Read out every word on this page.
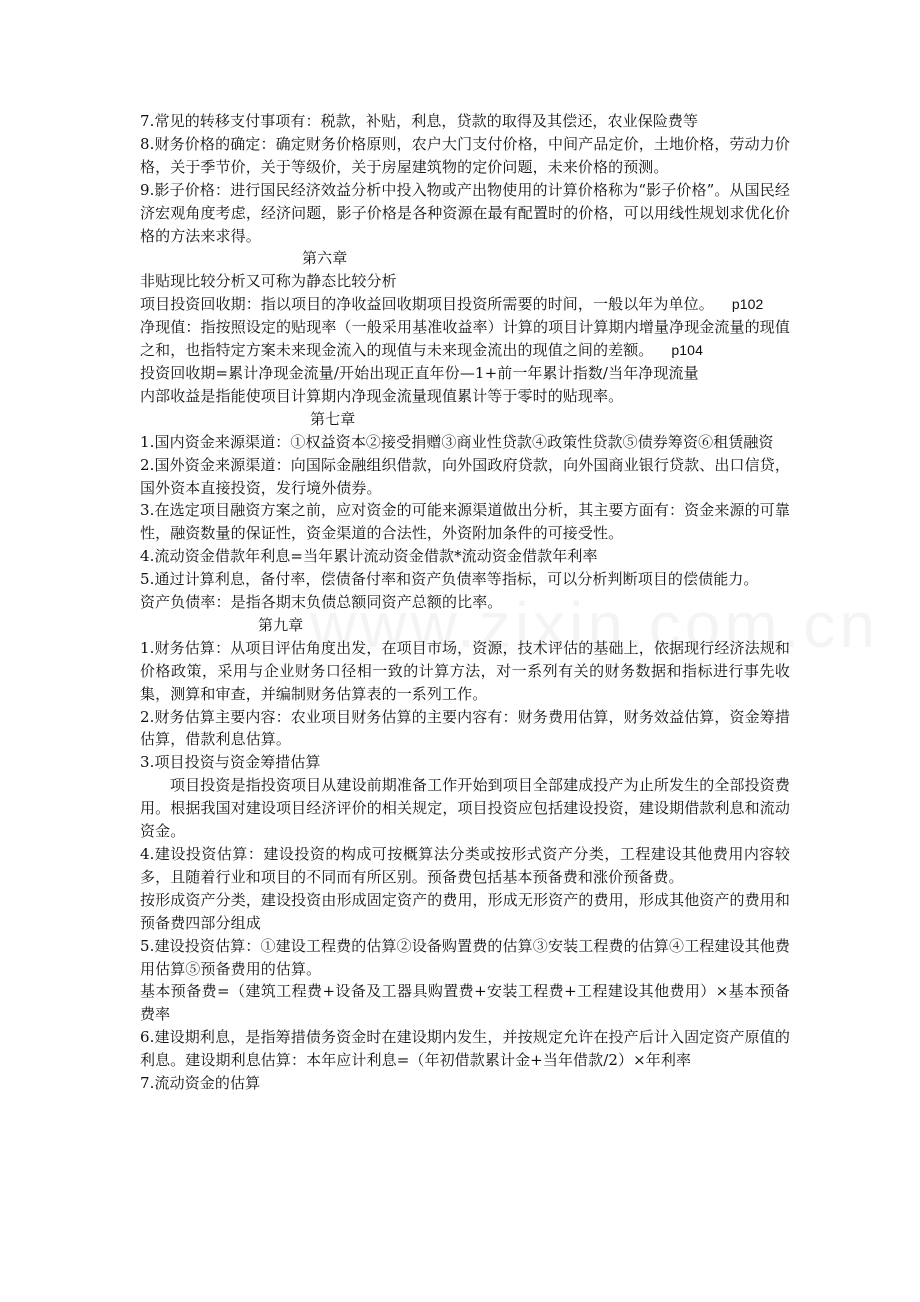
7.常见的转移支付事项有：税款，补贴，利息，贷款的取得及其偿还，农业保险费等

8.财务价格的确定：确定财务价格原则，农户大门支付价格，中间产品定价，土地价格，劳动力价格，关于季节价，关于等级价，关于房屋建筑物的定价问题，未来价格的预测。

9.影子价格：进行国民经济效益分析中投入物或产出物使用的计算价格称为“影子价格”。从国民经济宏观角度考虑，经济问题，影子价格是各种资源在最有配置时的价格，可以用线性规划求优化价格的方法来求得。

第六章

非贴现比较分析又可称为静态比较分析

项目投资回收期：指以项目的净收益回收期项目投资所需要的时间，一般以年为单位。 p102

净现值：指按照设定的贴现率（一般采用基准收益率）计算的项目计算期内增量净现金流量的现值之和，也指特定方案未来现金流入的现值与未来现金流出的现值之间的差额。 p104

投资回收期=累计净现金流量/开始出现正直年份—1+前一年累计指数/当年净现流量

内部收益是指能使项目计算期内净现金流量现值累计等于零时的贴现率。

第七章

1.国内资金来源渠道：①权益资本②接受捐赠③商业性贷款④政策性贷款⑤债券筹资⑥租赁融资

2.国外资金来源渠道：向国际金融组织借款，向外国政府贷款，向外国商业银行贷款、出口信贷，国外资本直接投资，发行境外债券。

3.在选定项目融资方案之前，应对资金的可能来源渠道做出分析，其主要方面有：资金来源的可靠性，融资数量的保证性，资金渠道的合法性，外资附加条件的可接受性。

4.流动资金借款年利息=当年累计流动资金借款*流动资金借款年利率

5.通过计算利息，备付率，偿债备付率和资产负债率等指标，可以分析判断项目的偿债能力。

资产负债率：是指各期末负债总额同资产总额的比率。

第九章

1.财务估算：从项目评估角度出发，在项目市场，资源，技术评估的基础上，依据现行经济法规和价格政策，采用与企业财务口径相一致的计算方法，对一系列有关的财务数据和指标进行事先收集，测算和审查，并编制财务估算表的一系列工作。

2.财务估算主要内容：农业项目财务估算的主要内容有：财务费用估算，财务效益估算，资金筹措估算，借款利息估算。

3.项目投资与资金筹措估算

项目投资是指投资项目从建设前期准备工作开始到项目全部建成投产为止所发生的全部投资费用。根据我国对建设项目经济评价的相关规定，项目投资应包括建设投资，建设期借款利息和流动资金。

4.建设投资估算：建设投资的构成可按概算法分类或按形式资产分类，工程建设其他费用内容较多，且随着行业和项目的不同而有所区别。预备费包括基本预备费和涨价预备费。

按形成资产分类，建设投资由形成固定资产的费用，形成无形资产的费用，形成其他资产的费用和预备费四部分组成

5.建设投资估算：①建设工程费的估算②设备购置费的估算③安装工程费的估算④工程建设其他费用估算⑤预备费用的估算。

基本预备费=（建筑工程费+设备及工器具购置费+安装工程费+工程建设其他费用）×基本预备费率

6.建设期利息，是指筹措债务资金时在建设期内发生，并按规定允许在投产后计入固定资产原值的利息。建设期利息估算：本年应计利息=（年初借款累计金+当年借款/2）×年利率

7.流动资金的估算
